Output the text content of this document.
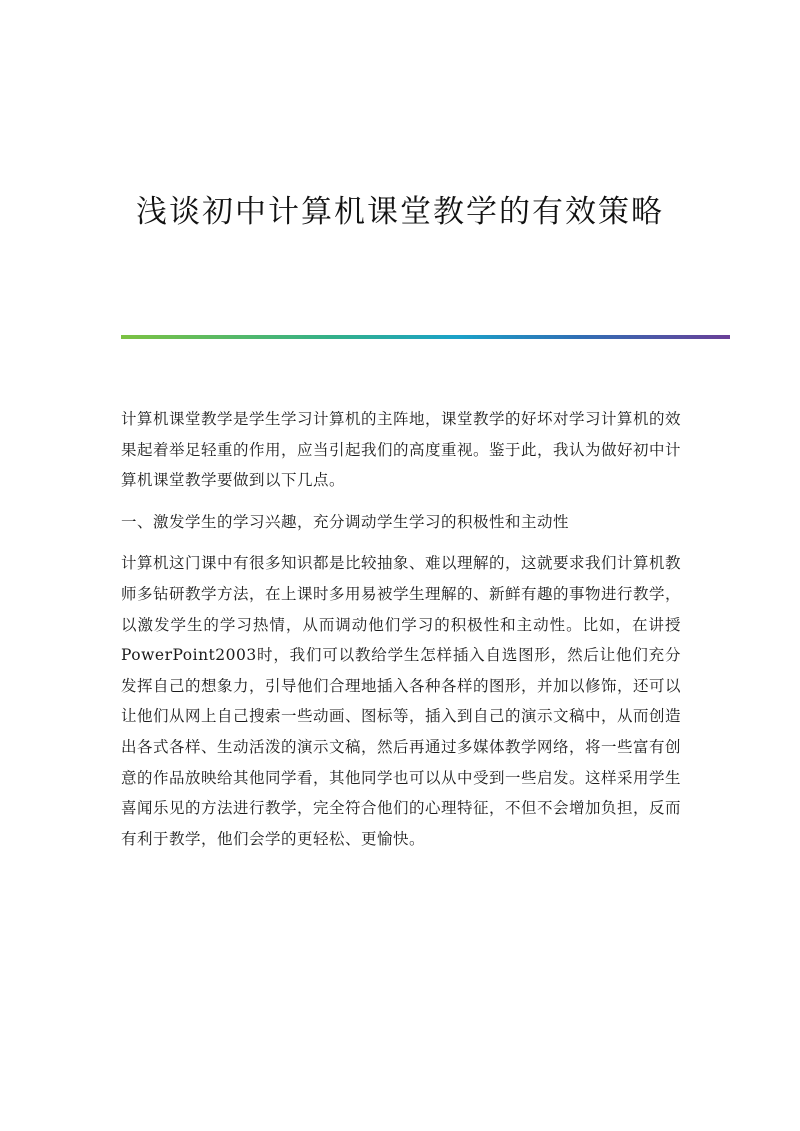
浅谈初中计算机课堂教学的有效策略

计算机课堂教学是学生学习计算机的主阵地，课堂教学的好坏对学习计算机的效果起着举足轻重的作用，应当引起我们的高度重视。鉴于此，我认为做好初中计算机课堂教学要做到以下几点。

一、激发学生的学习兴趣，充分调动学生学习的积极性和主动性

计算机这门课中有很多知识都是比较抽象、难以理解的，这就要求我们计算机教师多钻研教学方法，在上课时多用易被学生理解的、新鲜有趣的事物进行教学，以激发学生的学习热情，从而调动他们学习的积极性和主动性。比如，在讲授PowerPoint2003时，我们可以教给学生怎样插入自选图形，然后让他们充分发挥自己的想象力，引导他们合理地插入各种各样的图形，并加以修饰，还可以让他们从网上自己搜索一些动画、图标等，插入到自己的演示文稿中，从而创造出各式各样、生动活泼的演示文稿，然后再通过多媒体教学网络，将一些富有创意的作品放映给其他同学看，其他同学也可以从中受到一些启发。这样采用学生喜闻乐见的方法进行教学，完全符合他们的心理特征，不但不会增加负担，反而有利于教学，他们会学的更轻松、更愉快。
